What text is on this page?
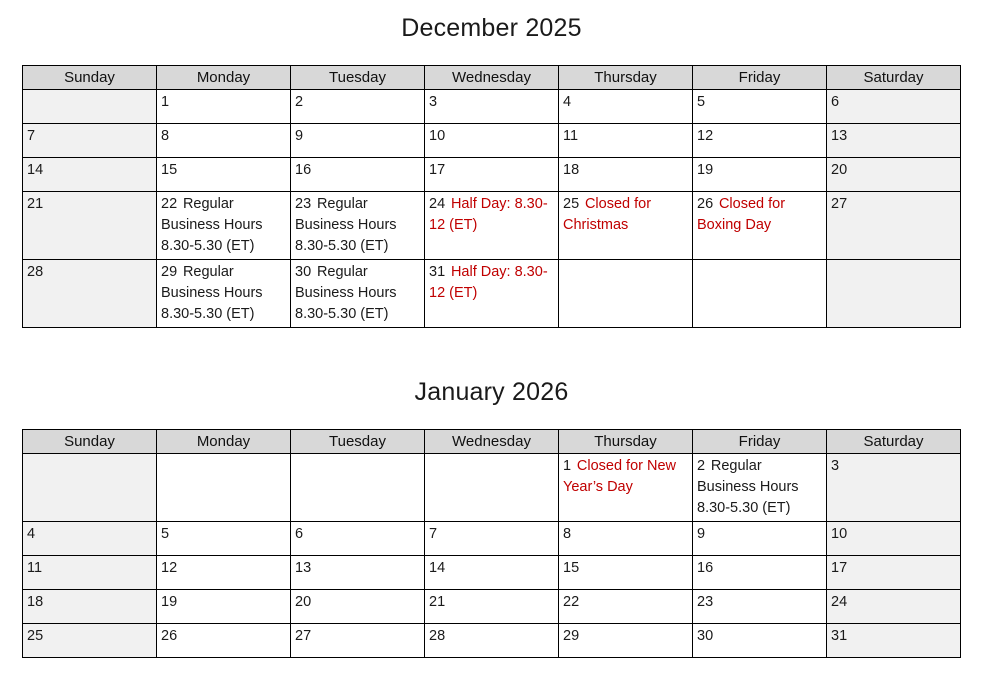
December 2025
Sunday	Monday	Tuesday	Wednesday	Thursday	Friday	Saturday
	1	2	3	4	5	6
7	8	9	10	11	12	13
14	15	16	17	18	19	20
21	22 Regular Business Hours 8.30-5.30 (ET)	23 Regular Business Hours 8.30-5.30 (ET)	24 Half Day: 8.30-12 (ET)	25 Closed for Christmas	26 Closed for Boxing Day	27
28	29 Regular Business Hours 8.30-5.30 (ET)	30 Regular Business Hours 8.30-5.30 (ET)	31 Half Day: 8.30-12 (ET)			
January 2026
Sunday	Monday	Tuesday	Wednesday	Thursday	Friday	Saturday
				1 Closed for New Year’s Day	2 Regular Business Hours 8.30-5.30 (ET)	3
4	5	6	7	8	9	10
11	12	13	14	15	16	17
18	19	20	21	22	23	24
25	26	27	28	29	30	31
